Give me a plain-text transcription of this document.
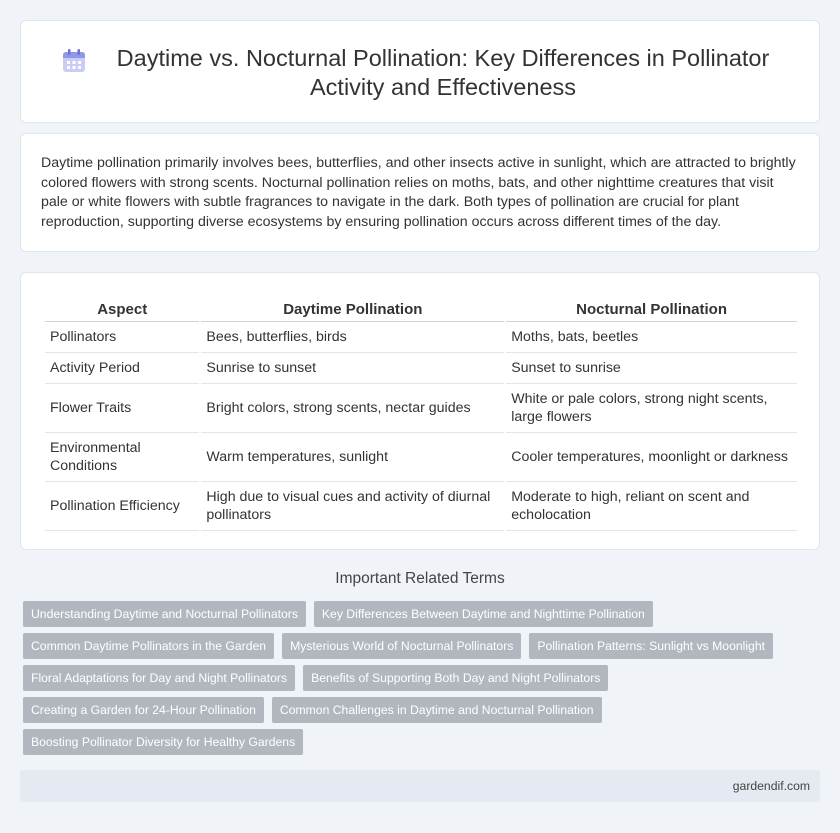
Daytime vs. Nocturnal Pollination: Key Differences in Pollinator Activity and Effectiveness

Daytime pollination primarily involves bees, butterflies, and other insects active in sunlight, which are attracted to brightly colored flowers with strong scents. Nocturnal pollination relies on moths, bats, and other nighttime creatures that visit pale or white flowers with subtle fragrances to navigate in the dark. Both types of pollination are crucial for plant reproduction, supporting diverse ecosystems by ensuring pollination occurs across different times of the day.

Aspect	Daytime Pollination	Nocturnal Pollination
Pollinators	Bees, butterflies, birds	Moths, bats, beetles
Activity Period	Sunrise to sunset	Sunset to sunrise
Flower Traits	Bright colors, strong scents, nectar guides	White or pale colors, strong night scents, large flowers
Environmental Conditions	Warm temperatures, sunlight	Cooler temperatures, moonlight or darkness
Pollination Efficiency	High due to visual cues and activity of diurnal pollinators	Moderate to high, reliant on scent and echolocation
Important Related Terms
Understanding Daytime and Nocturnal Pollinators	Key Differences Between Daytime and Nighttime Pollination
Common Daytime Pollinators in the Garden	Mysterious World of Nocturnal Pollinators	Pollination Patterns: Sunlight vs Moonlight
Floral Adaptations for Day and Night Pollinators	Benefits of Supporting Both Day and Night Pollinators
Creating a Garden for 24-Hour Pollination	Common Challenges in Daytime and Nocturnal Pollination
Boosting Pollinator Diversity for Healthy Gardens
gardendif.com
